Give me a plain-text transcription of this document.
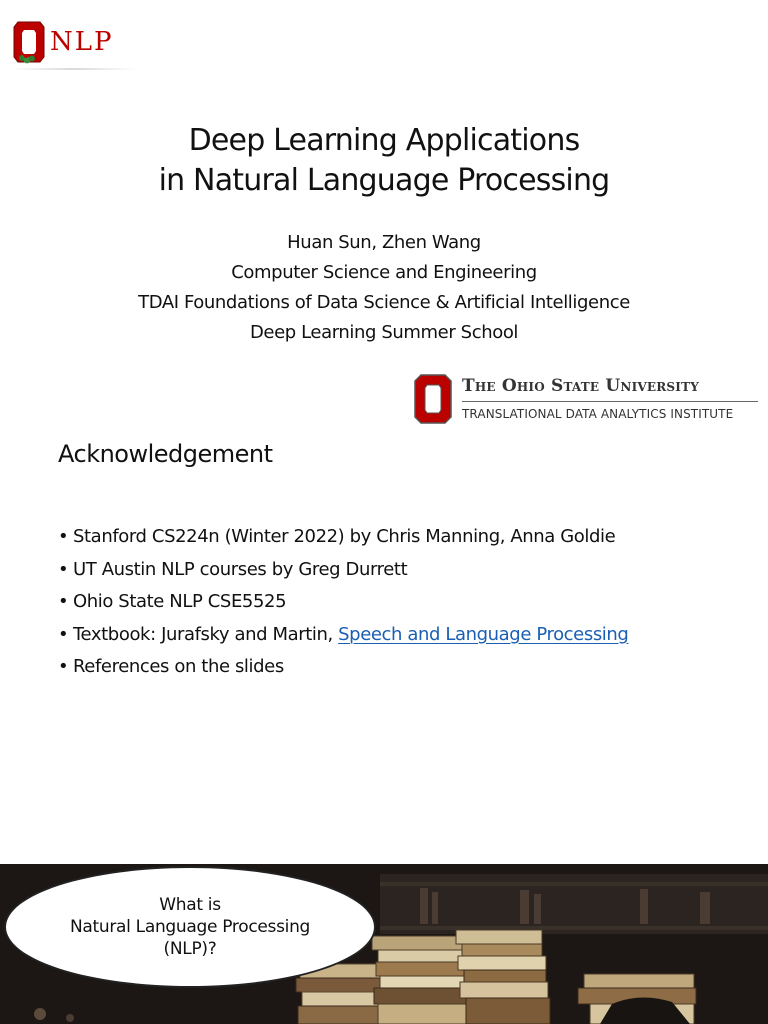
NLP
Deep Learning Applications
in Natural Language Processing
Huan Sun, Zhen Wang
Computer Science and Engineering
TDAI Foundations of Data Science & Artificial Intelligence
Deep Learning Summer School
The Ohio State University
TRANSLATIONAL DATA ANALYTICS INSTITUTE
Acknowledgement
• Stanford CS224n (Winter 2022) by Chris Manning, Anna Goldie
• UT Austin NLP courses by Greg Durrett
• Ohio State NLP CSE5525
• Textbook: Jurafsky and Martin, Speech and Language Processing
• References on the slides
What is
Natural Language Processing
(NLP)?
